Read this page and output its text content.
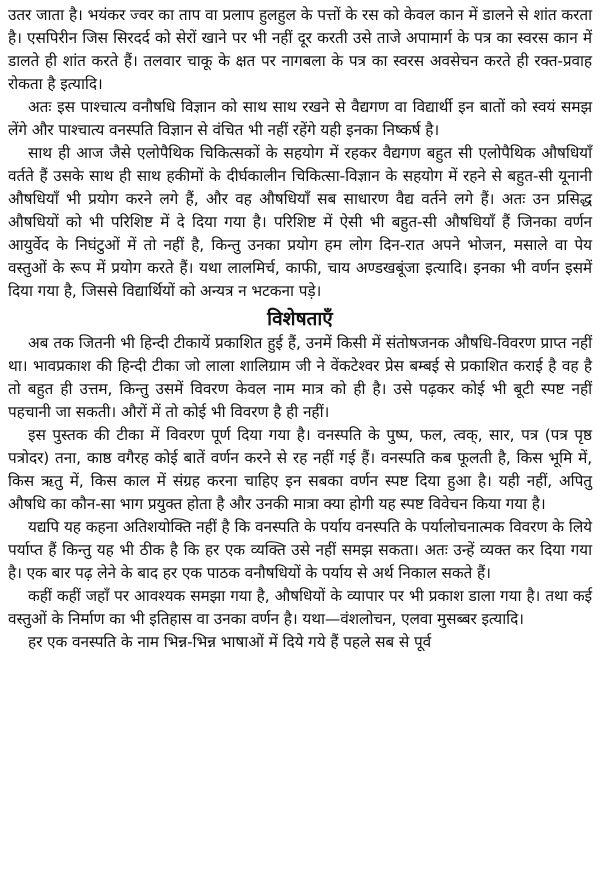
उतर जाता है। भयंकर ज्वर का ताप वा प्रलाप हुलहुल के पत्तों के रस को केवल कान में डालने से शांत करता है। एसपिरीन जिस सिरदर्द को सेरों खाने पर भी नहीं दूर करती उसे ताजे अपामार्ग के पत्र का स्वरस कान में डालते ही शांत करते हैं। तलवार चाकू के क्षत पर नागबला के पत्र का स्वरस अवसेचन करते ही रक्त-प्रवाह रोकता है इत्यादि।

अतः इस पाश्चात्य वनौषधि विज्ञान को साथ साथ रखने से वैद्यगण वा विद्यार्थी इन बातों को स्वयं समझ लेंगे और पाश्चात्य वनस्पति विज्ञान से वंचित भी नहीं रहेंगे यही इनका निष्कर्ष है।

साथ ही आज जैसे एलोपैथिक चिकित्सकों के सहयोग में रहकर वैद्यगण बहुत सी एलोपैथिक औषधियाँ वर्तते हैं उसके साथ ही साथ हकीमों के दीर्घकालीन चिकित्सा-विज्ञान के सहयोग में रहने से बहुत-सी यूनानी औषधियाँ भी प्रयोग करने लगे हैं, और वह औषधियाँ सब साधारण वैद्य वर्तने लगे हैं। अतः उन प्रसिद्ध औषधियों को भी परिशिष्ट में दे दिया गया है। परिशिष्ट में ऐसी भी बहुत-सी औषधियाँ हैं जिनका वर्णन आयुर्वेद के निघंटुओं में तो नहीं है, किन्तु उनका प्रयोग हम लोग दिन-रात अपने भोजन, मसाले वा पेय वस्तुओं के रूप में प्रयोग करते हैं। यथा लालमिर्च, काफी, चाय अण्डखबूंजा इत्यादि। इनका भी वर्णन इसमें दिया गया है, जिससे विद्यार्थियों को अन्यत्र न भटकना पड़े।

विशेषताएँ

अब तक जितनी भी हिन्दी टीकायें प्रकाशित हुई हैं, उनमें किसी में संतोषजनक औषधि-विवरण प्राप्त नहीं था। भावप्रकाश की हिन्दी टीका जो लाला शालिग्राम जी ने वेंकटेश्वर प्रेस बम्बई से प्रकाशित कराई है वह है तो बहुत ही उत्तम, किन्तु उसमें विवरण केवल नाम मात्र को ही है। उसे पढ़कर कोई भी बूटी स्पष्ट नहीं पहचानी जा सकती। औरों में तो कोई भी विवरण है ही नहीं।

इस पुस्तक की टीका में विवरण पूर्ण दिया गया है। वनस्पति के पुष्प, फल, त्वक्, सार, पत्र (पत्र पृष्ठ पत्रोदर) तना, काष्ठ वगैरह कोई बातें वर्णन करने से रह नहीं गई हैं। वनस्पति कब फूलती है, किस भूमि में, किस ऋतु में, किस काल में संग्रह करना चाहिए इन सबका वर्णन स्पष्ट दिया हुआ है। यही नहीं, अपितु औषधि का कौन-सा भाग प्रयुक्त होता है और उनकी मात्रा क्या होगी यह स्पष्ट विवेचन किया गया है।

यद्यपि यह कहना अतिशयोक्ति नहीं है कि वनस्पति के पर्याय वनस्पति के पर्यालोचनात्मक विवरण के लिये पर्याप्त हैं किन्तु यह भी ठीक है कि हर एक व्यक्ति उसे नहीं समझ सकता। अतः उन्हें व्यक्त कर दिया गया है। एक बार पढ़ लेने के बाद हर एक पाठक वनौषधियों के पर्याय से अर्थ निकाल सकते हैं।

कहीं कहीं जहाँ पर आवश्यक समझा गया है, औषधियों के व्यापार पर भी प्रकाश डाला गया है। तथा कई वस्तुओं के निर्माण का भी इतिहास वा उनका वर्णन है। यथा—वंशलोचन, एलवा मुसब्बर इत्यादि।

हर एक वनस्पति के नाम भिन्न-भिन्न भाषाओं में दिये गये हैं पहले सब से पूर्व
